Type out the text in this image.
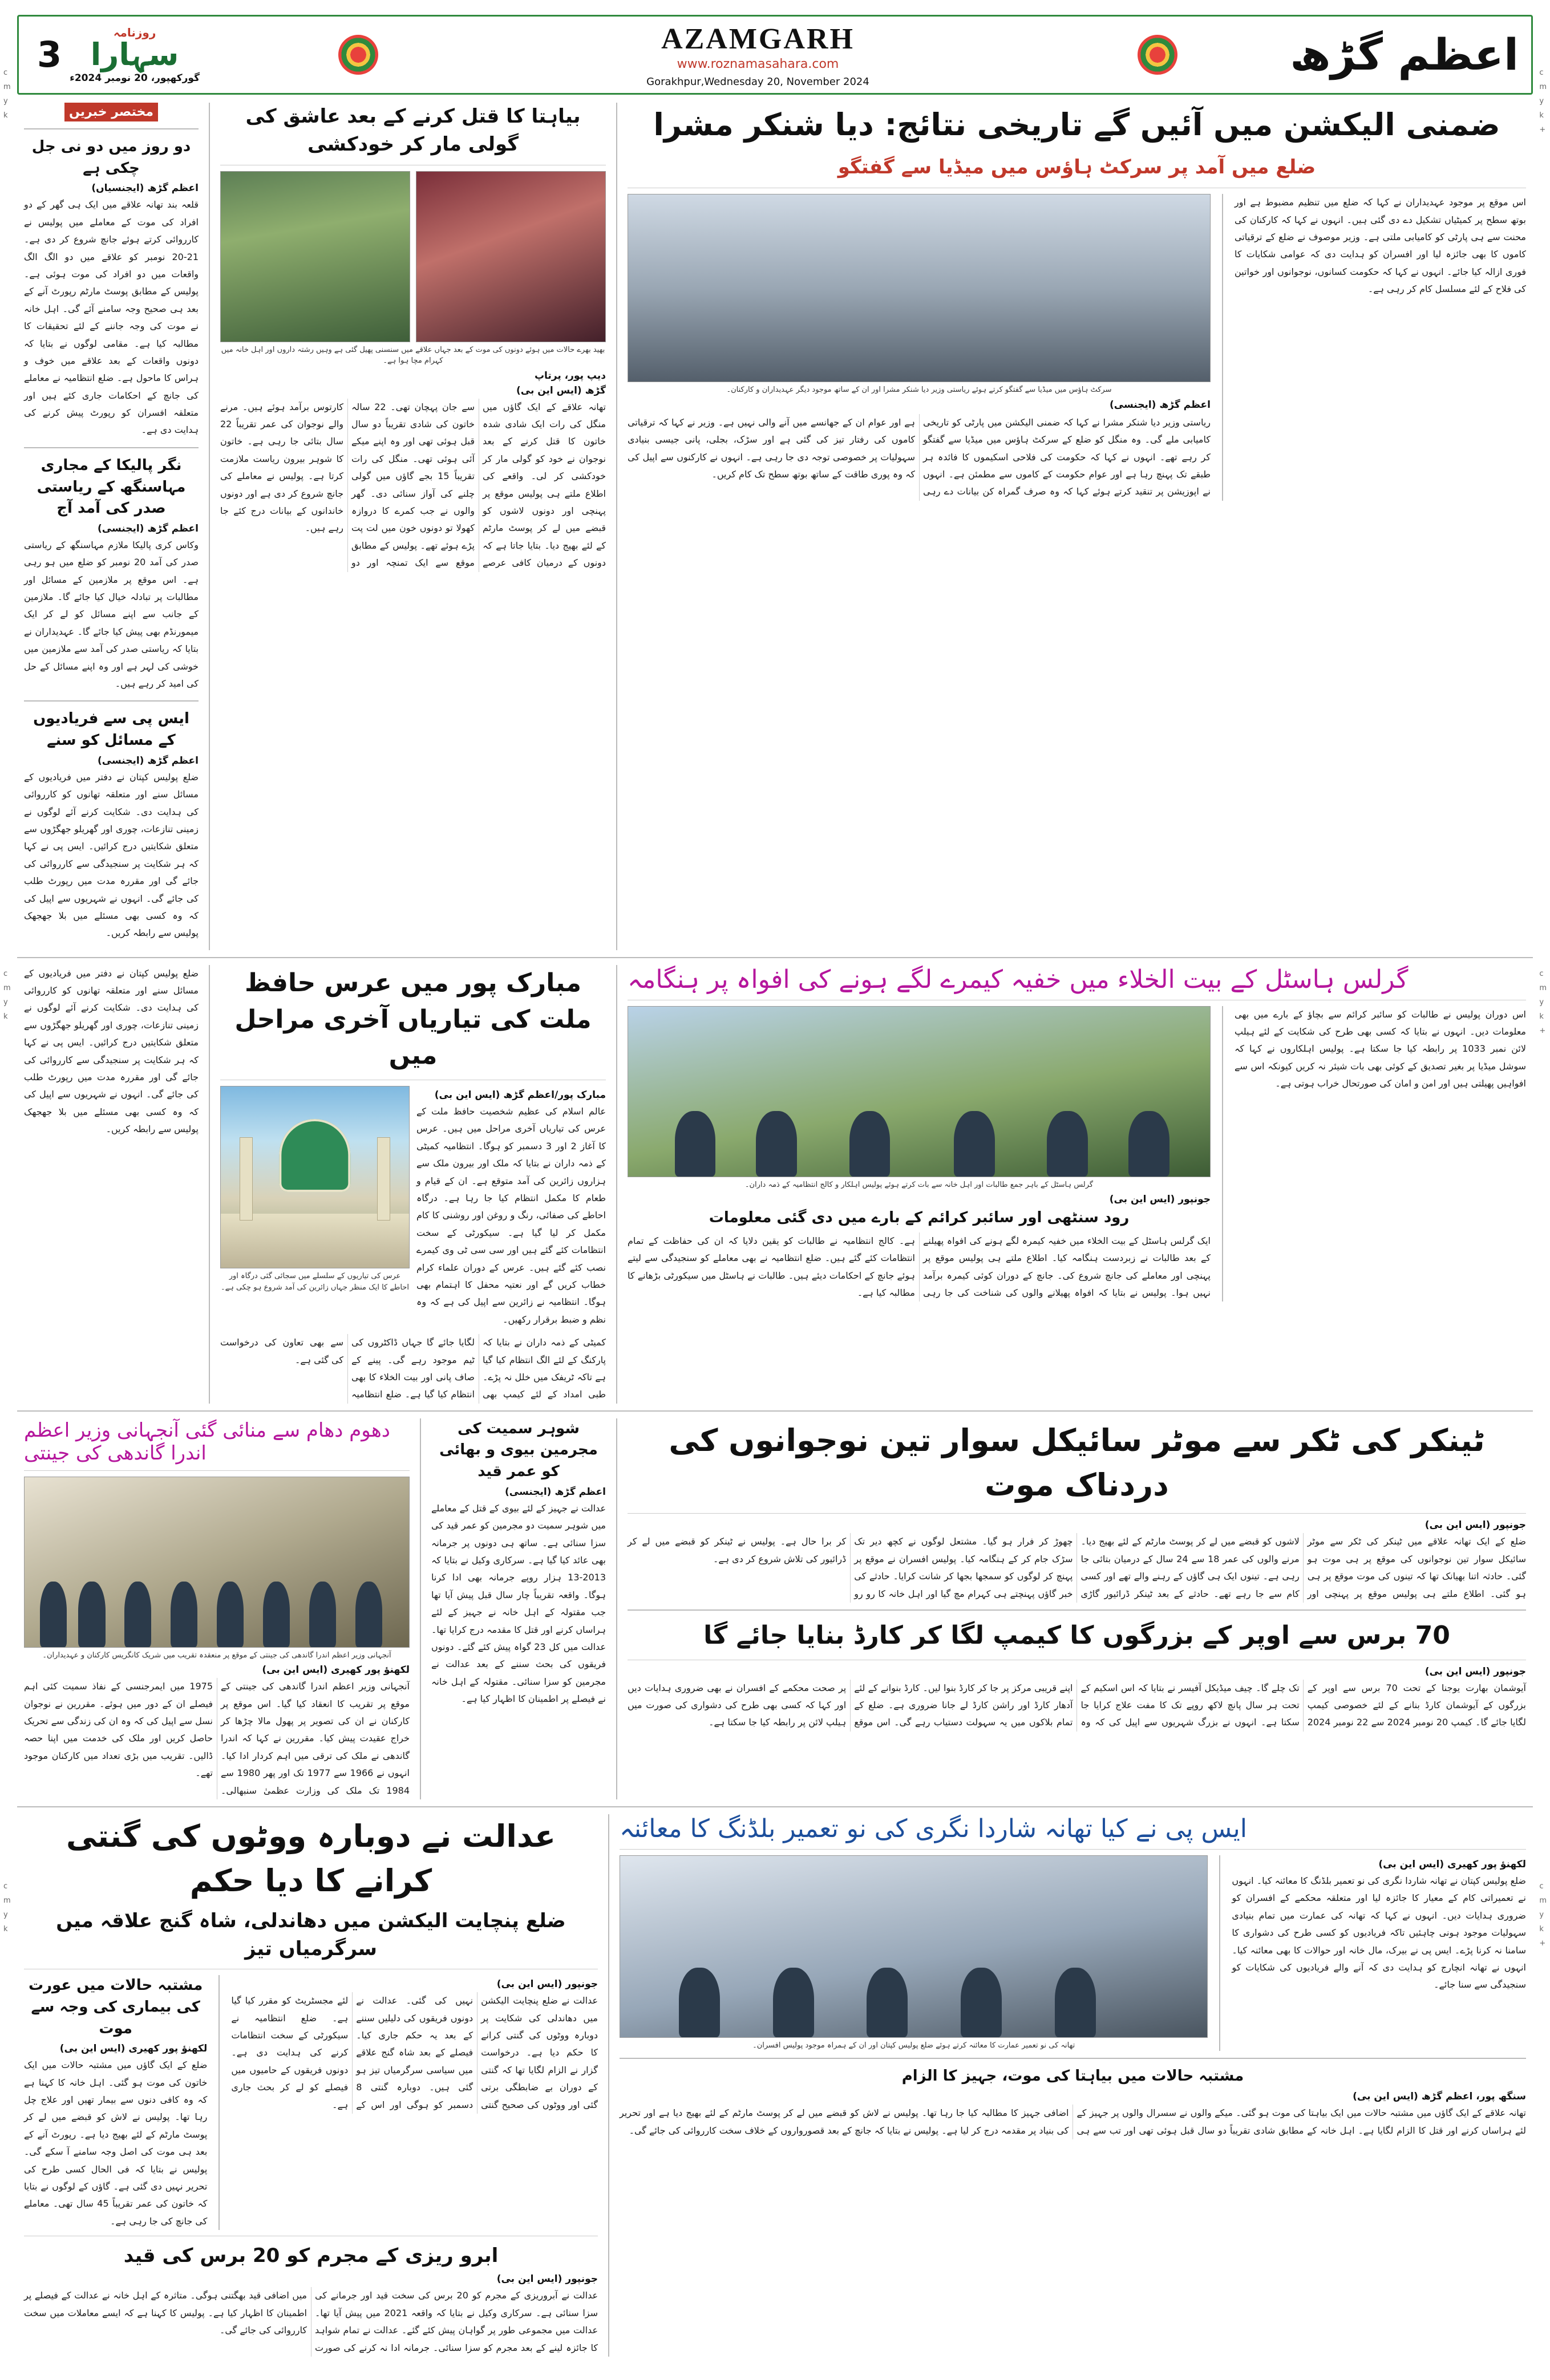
c
m
y
k
c
m
y
k
+
c
m
y
k
c
m
y
k
+
c
m
y
k
c
m
y
k
+
3
روزنامہ
سہارا
گورکھپور، 20 نومبر 2024ء
AZAMGARH
www.roznamasahara.com
Gorakhpur,Wednesday 20, November 2024
اعظم گڑھ
مختصر خبریں
دو روز میں دو نی جل چکی ہے
اعظم گڑھ (ایجنسیاں)
قلعہ بند تھانہ علاقے میں ایک ہی گھر کے دو افراد کی موت کے معاملے میں پولیس نے کارروائی کرتے ہوئے جانچ شروع کر دی ہے۔ 21-20 نومبر کو علاقے میں دو الگ الگ واقعات میں دو افراد کی موت ہوئی ہے۔ پولیس کے مطابق پوسٹ مارٹم رپورٹ آنے کے بعد ہی صحیح وجہ سامنے آئے گی۔ اہل خانہ نے موت کی وجہ جاننے کے لئے تحقیقات کا مطالبہ کیا ہے۔ مقامی لوگوں نے بتایا کہ دونوں واقعات کے بعد علاقے میں خوف و ہراس کا ماحول ہے۔ ضلع انتظامیہ نے معاملے کی جانچ کے احکامات جاری کئے ہیں اور متعلقہ افسران کو رپورٹ پیش کرنے کی ہدایت دی ہے۔
نگر پالیکا کے مجاری مہاسنگھ کے ریاستی صدر کی آمد آج
اعظم گڑھ (ایجنسی)
وکاس کری پالیکا ملازم مہاسنگھ کے ریاستی صدر کی آمد 20 نومبر کو ضلع میں ہو رہی ہے۔ اس موقع پر ملازمین کے مسائل اور مطالبات پر تبادلہ خیال کیا جائے گا۔ ملازمین کے جانب سے اپنے مسائل کو لے کر ایک میمورنڈم بھی پیش کیا جائے گا۔ عہدیداران نے بتایا کہ ریاستی صدر کی آمد سے ملازمین میں خوشی کی لہر ہے اور وہ اپنے مسائل کے حل کی امید کر رہے ہیں۔
ایس پی سے فریادیوں کے مسائل کو سنے
اعظم گڑھ (ایجنسی)
ضلع پولیس کپتان نے دفتر میں فریادیوں کے مسائل سنے اور متعلقہ تھانوں کو کارروائی کی ہدایت دی۔ شکایت کرنے آئے لوگوں نے زمینی تنازعات، چوری اور گھریلو جھگڑوں سے متعلق شکایتیں درج کرائیں۔ ایس پی نے کہا کہ ہر شکایت پر سنجیدگی سے کارروائی کی جائے گی اور مقررہ مدت میں رپورٹ طلب کی جائے گی۔ انہوں نے شہریوں سے اپیل کی کہ وہ کسی بھی مسئلے میں بلا جھجھک پولیس سے رابطہ کریں۔
بیاہتا کا قتل کرنے کے بعد عاشق کی گولی مار کر خودکشی
بھید بھرے حالات میں ہوئے دونوں کی موت کے بعد جہاں علاقے میں سنسنی پھیل گئی ہے وہیں رشتہ داروں اور اہل خانہ میں کہرام مچا ہوا ہے۔
دیپ پور، پرتاپ
گڑھ (ایس این بی)
تھانہ علاقے کے ایک گاؤں میں منگل کی رات ایک شادی شدہ خاتون کا قتل کرنے کے بعد نوجوان نے خود کو گولی مار کر خودکشی کر لی۔ واقعے کی اطلاع ملتے ہی پولیس موقع پر پہنچی اور دونوں لاشوں کو قبضے میں لے کر پوسٹ مارٹم کے لئے بھیج دیا۔ بتایا جاتا ہے کہ دونوں کے درمیان کافی عرصے سے جان پہچان تھی۔ 22 سالہ خاتون کی شادی تقریباً دو سال قبل ہوئی تھی اور وہ اپنے میکے آئی ہوئی تھی۔ منگل کی رات تقریباً 15 بجے گاؤں میں گولی چلنے کی آواز سنائی دی۔ گھر والوں نے جب کمرے کا دروازہ کھولا تو دونوں خون میں لت پت پڑے ہوئے تھے۔ پولیس کے مطابق موقع سے ایک تمنچہ اور دو کارتوس برآمد ہوئے ہیں۔ مرنے والے نوجوان کی عمر تقریباً 22 سال بتائی جا رہی ہے۔ خاتون کا شوہر بیرون ریاست ملازمت کرتا ہے۔ پولیس نے معاملے کی جانچ شروع کر دی ہے اور دونوں خاندانوں کے بیانات درج کئے جا رہے ہیں۔
ضمنی الیکشن میں آئیں گے تاریخی نتائج: دیا شنکر مشرا
ضلع میں آمد پر سرکٹ ہاؤس میں میڈیا سے گفتگو
سرکٹ ہاؤس میں میڈیا سے گفتگو کرتے ہوئے ریاستی وزیر دیا شنکر مشرا اور ان کے ساتھ موجود دیگر عہدیداران و کارکنان۔
اعظم گڑھ (ایجنسی)
ریاستی وزیر دیا شنکر مشرا نے کہا کہ ضمنی الیکشن میں پارٹی کو تاریخی کامیابی ملے گی۔ وہ منگل کو ضلع کے سرکٹ ہاؤس میں میڈیا سے گفتگو کر رہے تھے۔ انہوں نے کہا کہ حکومت کی فلاحی اسکیموں کا فائدہ ہر طبقے تک پہنچ رہا ہے اور عوام حکومت کے کاموں سے مطمئن ہے۔ انہوں نے اپوزیشن پر تنقید کرتے ہوئے کہا کہ وہ صرف گمراہ کن بیانات دے رہی ہے اور عوام ان کے جھانسے میں آنے والی نہیں ہے۔ وزیر نے کہا کہ ترقیاتی کاموں کی رفتار تیز کی گئی ہے اور سڑک، بجلی، پانی جیسی بنیادی سہولیات پر خصوصی توجہ دی جا رہی ہے۔ انہوں نے کارکنوں سے اپیل کی کہ وہ پوری طاقت کے ساتھ بوتھ سطح تک کام کریں۔
اس موقع پر موجود عہدیداران نے کہا کہ ضلع میں تنظیم مضبوط ہے اور بوتھ سطح پر کمیٹیاں تشکیل دے دی گئی ہیں۔ انہوں نے کہا کہ کارکنان کی محنت سے ہی پارٹی کو کامیابی ملتی ہے۔ وزیر موصوف نے ضلع کے ترقیاتی کاموں کا بھی جائزہ لیا اور افسران کو ہدایت دی کہ عوامی شکایات کا فوری ازالہ کیا جائے۔ انہوں نے کہا کہ حکومت کسانوں، نوجوانوں اور خواتین کی فلاح کے لئے مسلسل کام کر رہی ہے۔
ضلع پولیس کپتان نے دفتر میں فریادیوں کے مسائل سنے اور متعلقہ تھانوں کو کارروائی کی ہدایت دی۔ شکایت کرنے آئے لوگوں نے زمینی تنازعات، چوری اور گھریلو جھگڑوں سے متعلق شکایتیں درج کرائیں۔ ایس پی نے کہا کہ ہر شکایت پر سنجیدگی سے کارروائی کی جائے گی اور مقررہ مدت میں رپورٹ طلب کی جائے گی۔ انہوں نے شہریوں سے اپیل کی کہ وہ کسی بھی مسئلے میں بلا جھجھک پولیس سے رابطہ کریں۔
مبارک پور میں عرس حافظ ملت کی تیاریاں آخری مراحل میں
عرس کی تیاریوں کے سلسلے میں سجائی گئی درگاہ اور احاطے کا ایک منظر جہاں زائرین کی آمد شروع ہو چکی ہے۔
مبارک پور/اعظم گڑھ (ایس این بی)
عالم اسلام کی عظیم شخصیت حافظ ملت کے عرس کی تیاریاں آخری مراحل میں ہیں۔ عرس کا آغاز 2 اور 3 دسمبر کو ہوگا۔ انتظامیہ کمیٹی کے ذمہ داران نے بتایا کہ ملک اور بیرون ملک سے ہزاروں زائرین کی آمد متوقع ہے۔ ان کے قیام و طعام کا مکمل انتظام کیا جا رہا ہے۔ درگاہ احاطے کی صفائی، رنگ و روغن اور روشنی کا کام مکمل کر لیا گیا ہے۔ سیکورٹی کے سخت انتظامات کئے گئے ہیں اور سی سی ٹی وی کیمرے نصب کئے گئے ہیں۔ عرس کے دوران علماء کرام خطاب کریں گے اور نعتیہ محفل کا اہتمام بھی ہوگا۔ انتظامیہ نے زائرین سے اپیل کی ہے کہ وہ نظم و ضبط برقرار رکھیں۔
کمیٹی کے ذمہ داران نے بتایا کہ پارکنگ کے لئے الگ انتظام کیا گیا ہے تاکہ ٹریفک میں خلل نہ پڑے۔ طبی امداد کے لئے کیمپ بھی لگایا جائے گا جہاں ڈاکٹروں کی ٹیم موجود رہے گی۔ پینے کے صاف پانی اور بیت الخلاء کا بھی انتظام کیا گیا ہے۔ ضلع انتظامیہ سے بھی تعاون کی درخواست کی گئی ہے۔
گرلس ہاسٹل کے بیت الخلاء میں خفیہ کیمرے لگے ہونے کی افواہ پر ہنگامہ
گرلس ہاسٹل کے باہر جمع طالبات اور اہل خانہ سے بات کرتے ہوئے پولیس اہلکار و کالج انتظامیہ کے ذمہ داران۔
جونپور (ایس این بی)
رود سنٹھی اور سائبر کرائم کے بارے میں دی گئی معلومات
ایک گرلس ہاسٹل کے بیت الخلاء میں خفیہ کیمرہ لگے ہونے کی افواہ پھیلنے کے بعد طالبات نے زبردست ہنگامہ کیا۔ اطلاع ملتے ہی پولیس موقع پر پہنچی اور معاملے کی جانچ شروع کی۔ جانچ کے دوران کوئی کیمرہ برآمد نہیں ہوا۔ پولیس نے بتایا کہ افواہ پھیلانے والوں کی شناخت کی جا رہی ہے۔ کالج انتظامیہ نے طالبات کو یقین دلایا کہ ان کی حفاظت کے تمام انتظامات کئے گئے ہیں۔ ضلع انتظامیہ نے بھی معاملے کو سنجیدگی سے لیتے ہوئے جانچ کے احکامات دیئے ہیں۔ طالبات نے ہاسٹل میں سیکورٹی بڑھانے کا مطالبہ کیا ہے۔
اس دوران پولیس نے طالبات کو سائبر کرائم سے بچاؤ کے بارے میں بھی معلومات دیں۔ انہوں نے بتایا کہ کسی بھی طرح کی شکایت کے لئے ہیلپ لائن نمبر 1033 پر رابطہ کیا جا سکتا ہے۔ پولیس اہلکاروں نے کہا کہ سوشل میڈیا پر بغیر تصدیق کے کوئی بھی بات شیئر نہ کریں کیونکہ اس سے افواہیں پھیلتی ہیں اور امن و امان کی صورتحال خراب ہوتی ہے۔
دھوم دھام سے منائی گئی آنجہانی وزیر اعظم اندرا گاندھی کی جینتی
آنجہانی وزیر اعظم اندرا گاندھی کی جینتی کے موقع پر منعقدہ تقریب میں شریک کانگریس کارکنان و عہدیداران۔
لکھنؤ پور کھیری (ایس این بی)
آنجہانی وزیر اعظم اندرا گاندھی کی جینتی کے موقع پر تقریب کا انعقاد کیا گیا۔ اس موقع پر کارکنان نے ان کی تصویر پر پھول مالا چڑھا کر خراج عقیدت پیش کیا۔ مقررین نے کہا کہ اندرا گاندھی نے ملک کی ترقی میں اہم کردار ادا کیا۔ انہوں نے 1966 سے 1977 تک اور پھر 1980 سے 1984 تک ملک کی وزارت عظمیٰ سنبھالی۔ 1975 میں ایمرجنسی کے نفاذ سمیت کئی اہم فیصلے ان کے دور میں ہوئے۔ مقررین نے نوجوان نسل سے اپیل کی کہ وہ ان کی زندگی سے تحریک حاصل کریں اور ملک کی خدمت میں اپنا حصہ ڈالیں۔ تقریب میں بڑی تعداد میں کارکنان موجود تھے۔
شوہر سمیت کی مجرمین بیوی و بھائی کو عمر قید
اعظم گڑھ (ایجنسی)
عدالت نے جہیز کے لئے بیوی کے قتل کے معاملے میں شوہر سمیت دو مجرمین کو عمر قید کی سزا سنائی ہے۔ ساتھ ہی دونوں پر جرمانہ بھی عائد کیا گیا ہے۔ سرکاری وکیل نے بتایا کہ 2013-13 ہزار روپے جرمانہ بھی ادا کرنا ہوگا۔ واقعہ تقریباً چار سال قبل پیش آیا تھا جب مقتولہ کے اہل خانہ نے جہیز کے لئے ہراساں کرنے اور قتل کا مقدمہ درج کرایا تھا۔ عدالت میں کل 23 گواہ پیش کئے گئے۔ دونوں فریقوں کی بحث سننے کے بعد عدالت نے مجرمین کو سزا سنائی۔ مقتولہ کے اہل خانہ نے فیصلے پر اطمینان کا اظہار کیا ہے۔
ٹینکر کی ٹکر سے موٹر سائیکل سوار تین نوجوانوں کی دردناک موت
جونپور (ایس این بی)
ضلع کے ایک تھانہ علاقے میں ٹینکر کی ٹکر سے موٹر سائیکل سوار تین نوجوانوں کی موقع پر ہی موت ہو گئی۔ حادثہ اتنا بھیانک تھا کہ تینوں کی موت موقع پر ہی ہو گئی۔ اطلاع ملتے ہی پولیس موقع پر پہنچی اور لاشوں کو قبضے میں لے کر پوسٹ مارٹم کے لئے بھیج دیا۔ مرنے والوں کی عمر 18 سے 24 سال کے درمیان بتائی جا رہی ہے۔ تینوں ایک ہی گاؤں کے رہنے والے تھے اور کسی کام سے جا رہے تھے۔ حادثے کے بعد ٹینکر ڈرائیور گاڑی چھوڑ کر فرار ہو گیا۔ مشتعل لوگوں نے کچھ دیر تک سڑک جام کر کے ہنگامہ کیا۔ پولیس افسران نے موقع پر پہنچ کر لوگوں کو سمجھا بجھا کر شانت کرایا۔ حادثے کی خبر گاؤں پہنچتے ہی کہرام مچ گیا اور اہل خانہ کا رو رو کر برا حال ہے۔ پولیس نے ٹینکر کو قبضے میں لے کر ڈرائیور کی تلاش شروع کر دی ہے۔
70 برس سے اوپر کے بزرگوں کا کیمپ لگا کر کارڈ بنایا جائے گا
جونپور (ایس این بی)
آیوشمان بھارت یوجنا کے تحت 70 برس سے اوپر کے بزرگوں کے آیوشمان کارڈ بنانے کے لئے خصوصی کیمپ لگایا جائے گا۔ کیمپ 20 نومبر 2024 سے 22 نومبر 2024 تک چلے گا۔ چیف میڈیکل آفیسر نے بتایا کہ اس اسکیم کے تحت ہر سال پانچ لاکھ روپے تک کا مفت علاج کرایا جا سکتا ہے۔ انہوں نے بزرگ شہریوں سے اپیل کی کہ وہ اپنے قریبی مرکز پر جا کر کارڈ بنوا لیں۔ کارڈ بنوانے کے لئے آدھار کارڈ اور راشن کارڈ لے جانا ضروری ہے۔ ضلع کے تمام بلاکوں میں یہ سہولت دستیاب رہے گی۔ اس موقع پر صحت محکمے کے افسران نے بھی ضروری ہدایات دیں اور کہا کہ کسی بھی طرح کی دشواری کی صورت میں ہیلپ لائن پر رابطہ کیا جا سکتا ہے۔
عدالت نے دوبارہ ووٹوں کی گنتی کرانے کا دیا حکم
ضلع پنچایت الیکشن میں دھاندلی، شاہ گنج علاقہ میں سرگرمیاں تیز
مشتبہ حالات میں عورت کی بیماری کی وجہ سے موت
لکھنؤ پور کھیری (ایس این بی)
ضلع کے ایک گاؤں میں مشتبہ حالات میں ایک خاتون کی موت ہو گئی۔ اہل خانہ کا کہنا ہے کہ وہ کافی دنوں سے بیمار تھیں اور علاج چل رہا تھا۔ پولیس نے لاش کو قبضے میں لے کر پوسٹ مارٹم کے لئے بھیج دیا ہے۔ رپورٹ آنے کے بعد ہی موت کی اصل وجہ سامنے آ سکے گی۔ پولیس نے بتایا کہ فی الحال کسی طرح کی تحریر نہیں دی گئی ہے۔ گاؤں کے لوگوں نے بتایا کہ خاتون کی عمر تقریباً 45 سال تھی۔ معاملے کی جانچ کی جا رہی ہے۔
جونپور (ایس این بی)
عدالت نے ضلع پنچایت الیکشن میں دھاندلی کی شکایت پر دوبارہ ووٹوں کی گنتی کرانے کا حکم دیا ہے۔ درخواست گزار نے الزام لگایا تھا کہ گنتی کے دوران بے ضابطگی برتی گئی اور ووٹوں کی صحیح گنتی نہیں کی گئی۔ عدالت نے دونوں فریقوں کی دلیلیں سننے کے بعد یہ حکم جاری کیا۔ فیصلے کے بعد شاہ گنج علاقے میں سیاسی سرگرمیاں تیز ہو گئی ہیں۔ دوبارہ گنتی 8 دسمبر کو ہوگی اور اس کے لئے مجسٹریٹ کو مقرر کیا گیا ہے۔ ضلع انتظامیہ نے سیکورٹی کے سخت انتظامات کرنے کی ہدایت دی ہے۔ دونوں فریقوں کے حامیوں میں فیصلے کو لے کر بحث جاری ہے۔
ابرو ریزی کے مجرم کو 20 برس کی قید
جونپور (ایس این بی)
عدالت نے آبروریزی کے مجرم کو 20 برس کی سخت قید اور جرمانے کی سزا سنائی ہے۔ سرکاری وکیل نے بتایا کہ واقعہ 2021 میں پیش آیا تھا۔ عدالت میں مجموعی طور پر گواہان پیش کئے گئے۔ عدالت نے تمام شواہد کا جائزہ لینے کے بعد مجرم کو سزا سنائی۔ جرمانہ ادا نہ کرنے کی صورت میں اضافی قید بھگتنی ہوگی۔ متاثرہ کے اہل خانہ نے عدالت کے فیصلے پر اطمینان کا اظہار کیا ہے۔ پولیس کا کہنا ہے کہ ایسے معاملات میں سخت کارروائی کی جائے گی۔
ایس پی نے کیا تھانہ شاردا نگری کی نو تعمیر بلڈنگ کا معائنہ
تھانہ کی نو تعمیر عمارت کا معائنہ کرتے ہوئے ضلع پولیس کپتان اور ان کے ہمراہ موجود پولیس افسران۔
لکھنؤ پور کھیری (ایس این بی)
ضلع پولیس کپتان نے تھانہ شاردا نگری کی نو تعمیر بلڈنگ کا معائنہ کیا۔ انہوں نے تعمیراتی کام کے معیار کا جائزہ لیا اور متعلقہ محکمے کے افسران کو ضروری ہدایات دیں۔ انہوں نے کہا کہ تھانہ کی عمارت میں تمام بنیادی سہولیات موجود ہونی چاہئیں تاکہ فریادیوں کو کسی طرح کی دشواری کا سامنا نہ کرنا پڑے۔ ایس پی نے بیرک، مال خانہ اور حوالات کا بھی معائنہ کیا۔ انہوں نے تھانہ انچارج کو ہدایت دی کہ آنے والے فریادیوں کی شکایات کو سنجیدگی سے سنا جائے۔
مشتبہ حالات میں بیاہتا کی موت، جہیز کا الزام
سنگھ پور، اعظم گڑھ (ایس این بی)
تھانہ علاقے کے ایک گاؤں میں مشتبہ حالات میں ایک بیاہتا کی موت ہو گئی۔ میکے والوں نے سسرال والوں پر جہیز کے لئے ہراساں کرنے اور قتل کا الزام لگایا ہے۔ اہل خانہ کے مطابق شادی تقریباً دو سال قبل ہوئی تھی اور تب سے ہی اضافی جہیز کا مطالبہ کیا جا رہا تھا۔ پولیس نے لاش کو قبضے میں لے کر پوسٹ مارٹم کے لئے بھیج دیا ہے اور تحریر کی بنیاد پر مقدمہ درج کر لیا ہے۔ پولیس نے بتایا کہ جانچ کے بعد قصورواروں کے خلاف سخت کارروائی کی جائے گی۔
